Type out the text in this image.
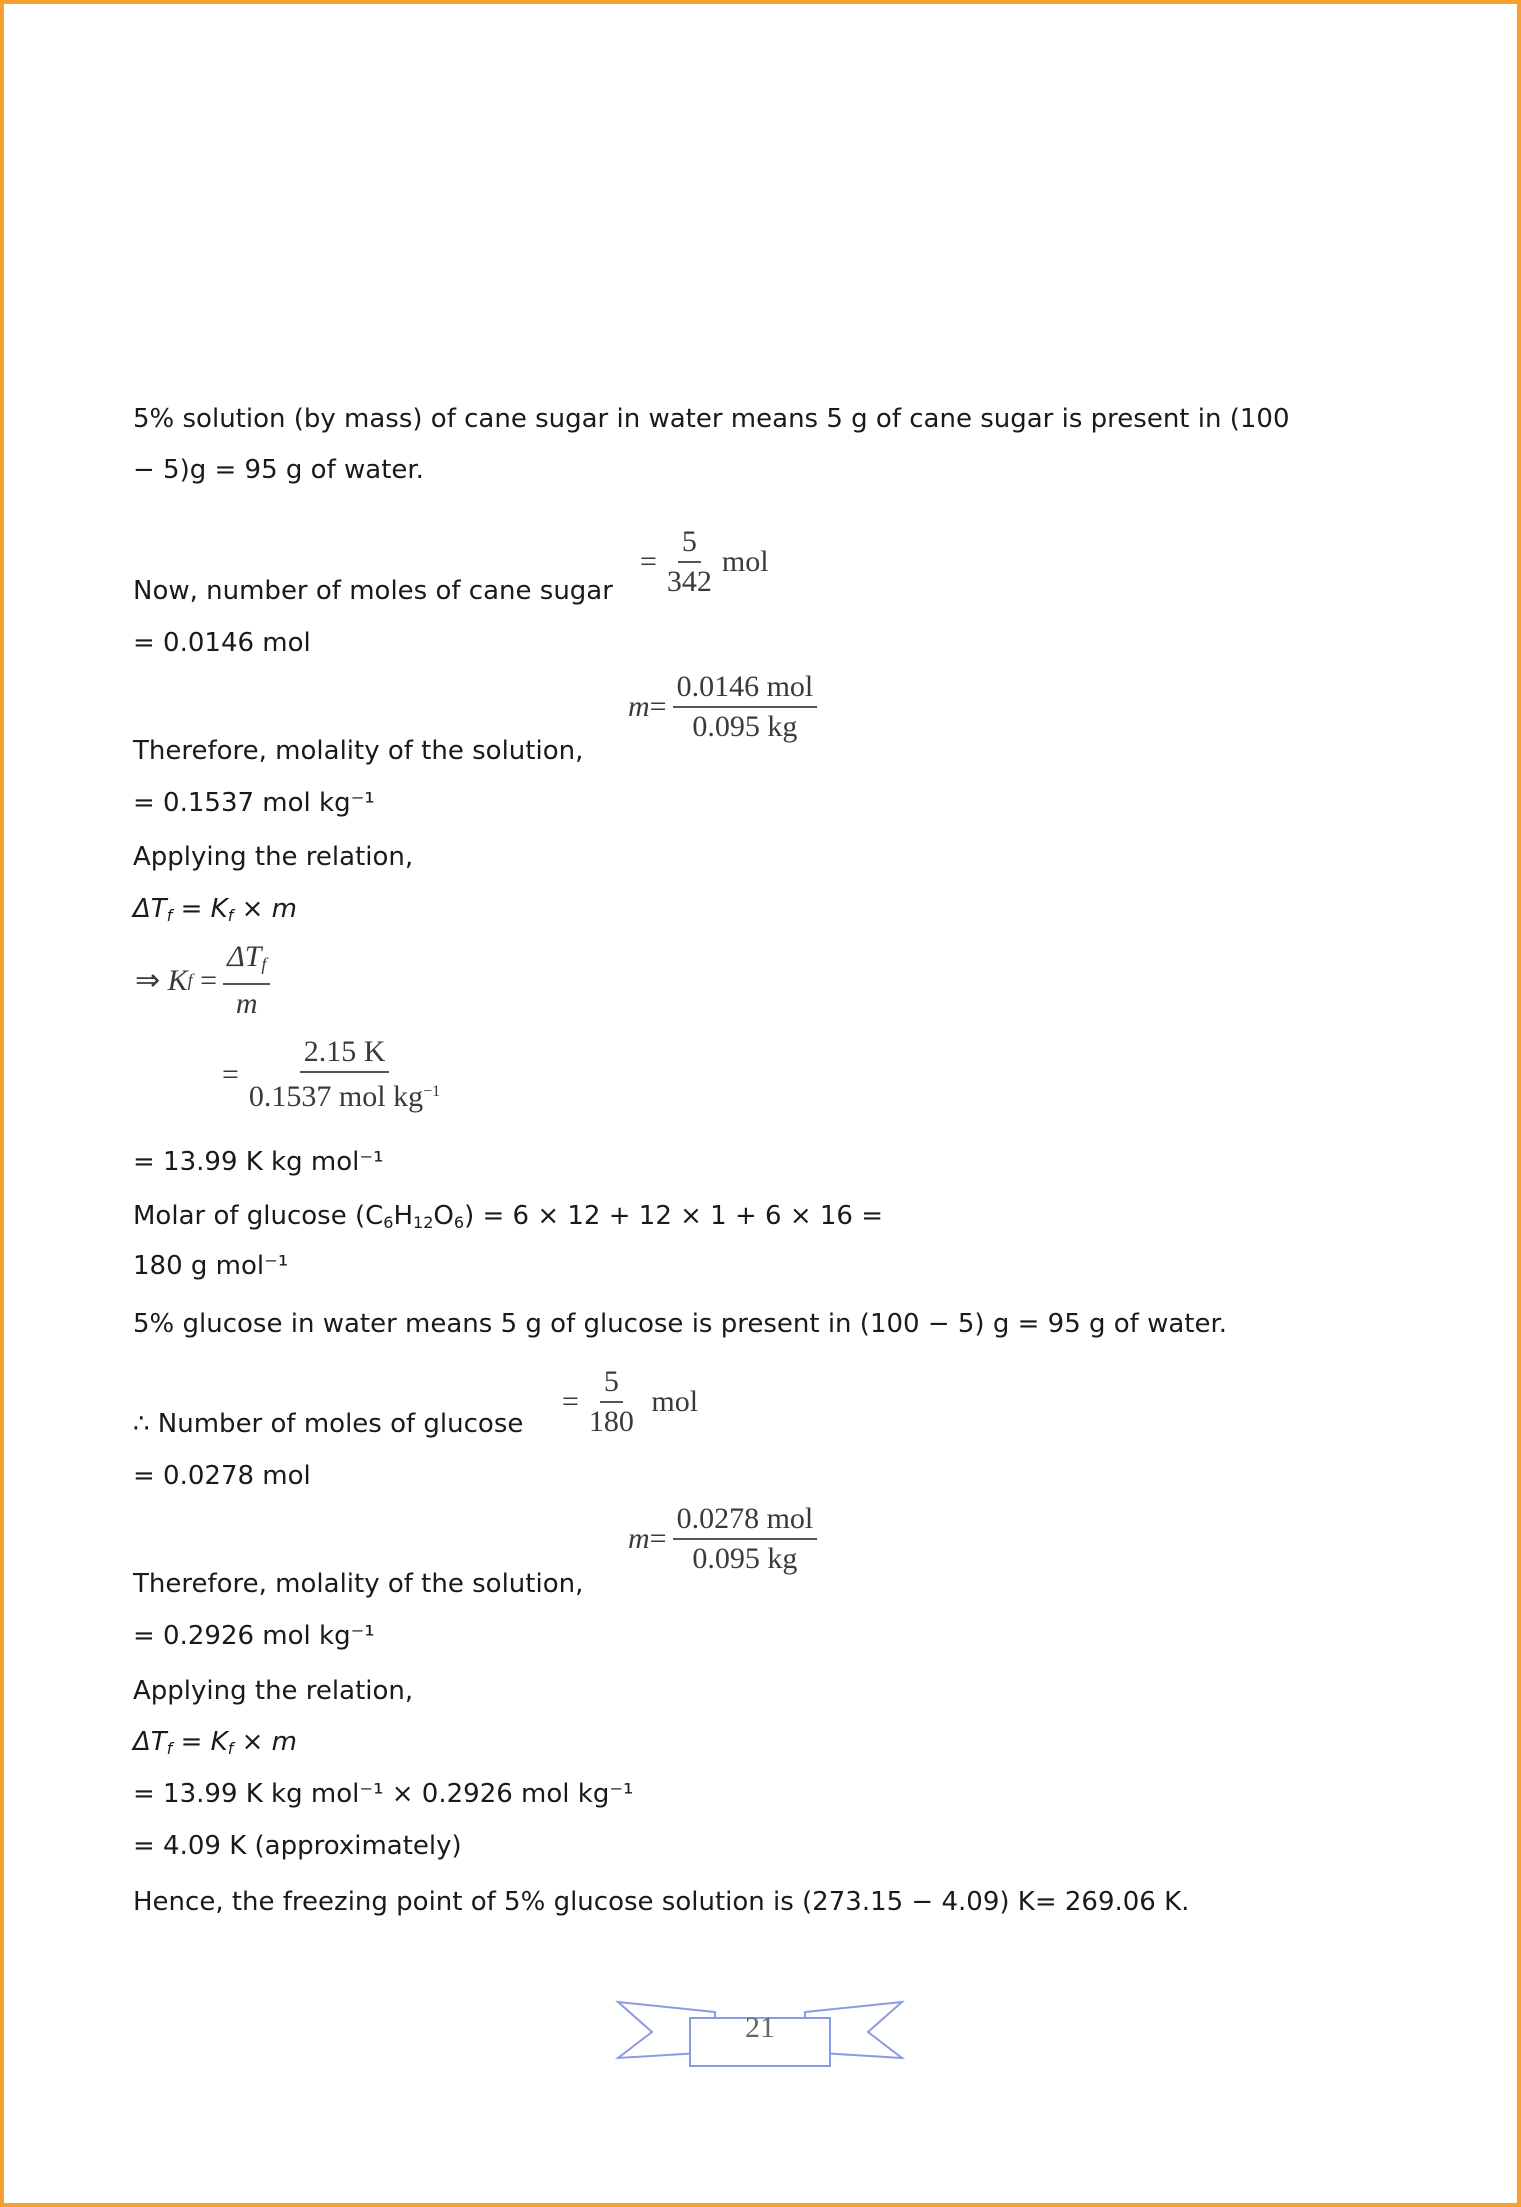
5% solution (by mass) of cane sugar in water means 5 g of cane sugar is present in (100
− 5)g = 95 g of water.
Now, number of moles of cane sugar
= $\frac{5}{342}$ mol
= 0.0146 mol
Therefore, molality of the solution,
$m = \frac{\text{0.0146 mol}}{0.095 kg}$
= 0.1537 mol kg⁻¹
Applying the relation,
$\Delta T_f = K_f \times m$
⇒
K f
= $\frac{\Delta T_f}{m}$
= $\frac{2.15 K}{0.1537 mol kg^{-1}}$
= 13.99 K kg mol⁻¹
Molar of glucose $(C_6H_{12}O_6) = 6 \times 12 + 12 \times 1 + 6 \times 16$ =
180 g mol⁻¹
5% glucose in water means 5 g of glucose is present in (100 − 5) g = 95 g of water.
∴ Number of moles of glucose
= $\frac{5}{180}$
mol
= 0.0278 mol
Therefore, molality of the solution,
$m = \frac{\text{0.0278 mol}}{0.095 kg}$
= 0.2926 mol kg⁻¹
Applying the relation,
$\Delta T_f = K_f \times m$
= 13.99 K kg mol⁻¹ × 0.2926 mol kg⁻¹
= 4.09 K (approximately)
Hence, the freezing point of 5% glucose solution is (273.15 − 4.09) K= 269.06 K.
21
